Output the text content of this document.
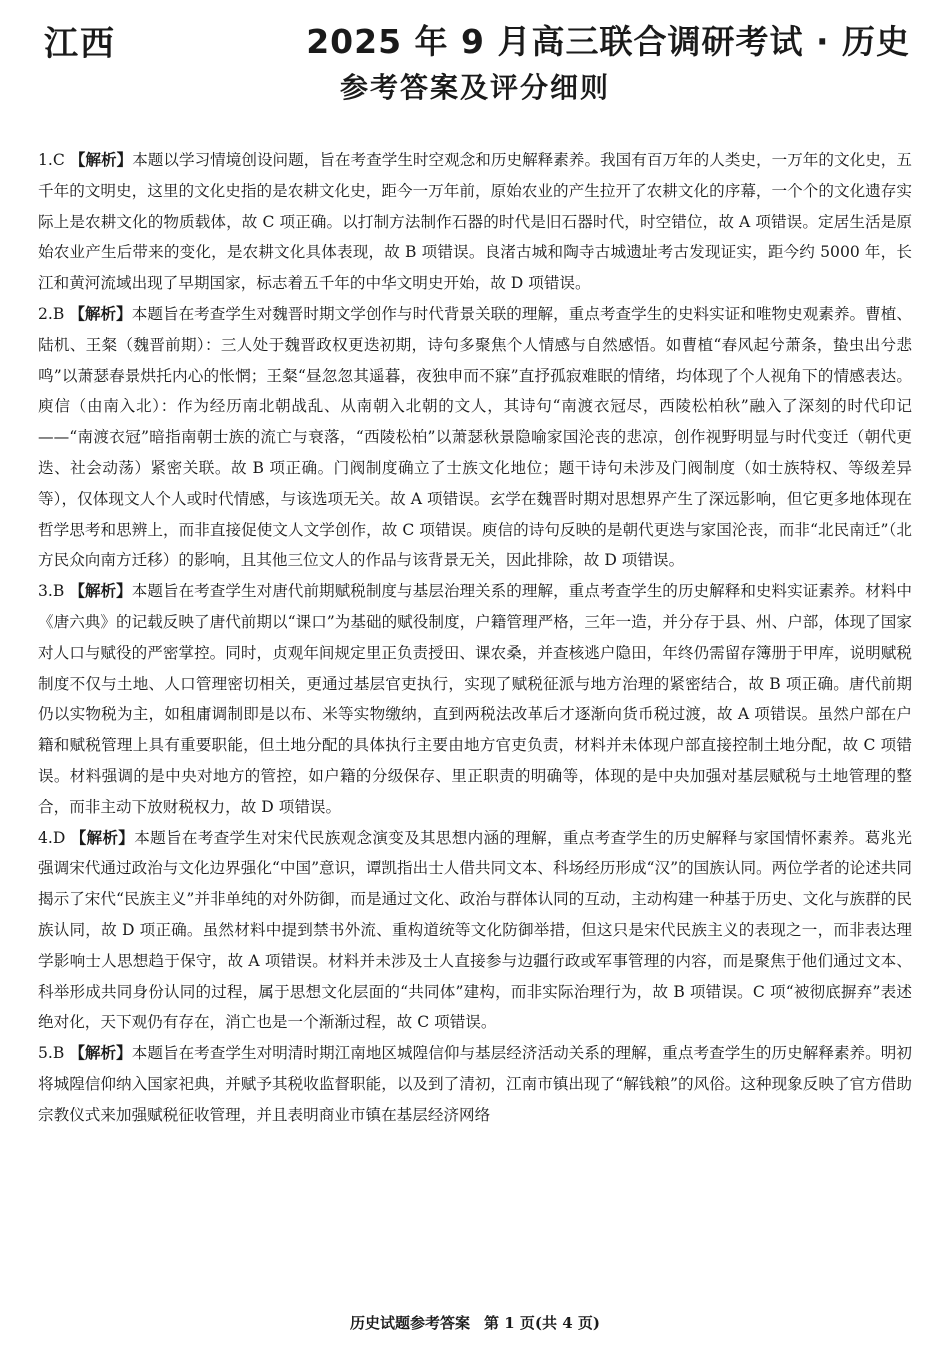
江西	2025 年 9 月高三联合调研考试 · 历史
参考答案及评分细则

1.C 【解析】本题以学习情境创设问题，旨在考查学生时空观念和历史解释素养。我国有百万年的人类史，一万年的文化史，五千年的文明史，这里的文化史指的是农耕文化史，距今一万年前，原始农业的产生拉开了农耕文化的序幕，一个个的文化遗存实际上是农耕文化的物质载体，故 C 项正确。以打制方法制作石器的时代是旧石器时代，时空错位，故 A 项错误。定居生活是原始农业产生后带来的变化，是农耕文化具体表现，故 B 项错误。良渚古城和陶寺古城遗址考古发现证实，距今约 5000 年，长江和黄河流域出现了早期国家，标志着五千年的中华文明史开始，故 D 项错误。

2.B 【解析】本题旨在考查学生对魏晋时期文学创作与时代背景关联的理解，重点考查学生的史料实证和唯物史观素养。曹植、陆机、王粲（魏晋前期）：三人处于魏晋政权更迭初期，诗句多聚焦个人情感与自然感悟。如曹植“春风起兮萧条，蛰虫出兮悲鸣”以萧瑟春景烘托内心的怅惘；王粲“昼忽忽其遥暮，夜独申而不寐”直抒孤寂难眠的情绪，均体现了个人视角下的情感表达。庾信（由南入北）：作为经历南北朝战乱、从南朝入北朝的文人，其诗句“南渡衣冠尽，西陵松柏秋”融入了深刻的时代印记——“南渡衣冠”暗指南朝士族的流亡与衰落，“西陵松柏”以萧瑟秋景隐喻家国沦丧的悲凉，创作视野明显与时代变迁（朝代更迭、社会动荡）紧密关联。故 B 项正确。门阀制度确立了士族文化地位；题干诗句未涉及门阀制度（如士族特权、等级差异等），仅体现文人个人或时代情感，与该选项无关。故 A 项错误。玄学在魏晋时期对思想界产生了深远影响，但它更多地体现在哲学思考和思辨上，而非直接促使文人文学创作，故 C 项错误。庾信的诗句反映的是朝代更迭与家国沦丧，而非“北民南迁”（北方民众向南方迁移）的影响，且其他三位文人的作品与该背景无关，因此排除，故 D 项错误。

3.B 【解析】本题旨在考查学生对唐代前期赋税制度与基层治理关系的理解，重点考查学生的历史解释和史料实证素养。材料中《唐六典》的记载反映了唐代前期以“课口”为基础的赋役制度，户籍管理严格，三年一造，并分存于县、州、户部，体现了国家对人口与赋役的严密掌控。同时，贞观年间规定里正负责授田、课农桑，并查核逃户隐田，年终仍需留存簿册于甲库，说明赋税制度不仅与土地、人口管理密切相关，更通过基层官吏执行，实现了赋税征派与地方治理的紧密结合，故 B 项正确。唐代前期仍以实物税为主，如租庸调制即是以布、米等实物缴纳，直到两税法改革后才逐渐向货币税过渡，故 A 项错误。虽然户部在户籍和赋税管理上具有重要职能，但土地分配的具体执行主要由地方官吏负责，材料并未体现户部直接控制土地分配，故 C 项错误。材料强调的是中央对地方的管控，如户籍的分级保存、里正职责的明确等，体现的是中央加强对基层赋税与土地管理的整合，而非主动下放财税权力，故 D 项错误。

4.D 【解析】本题旨在考查学生对宋代民族观念演变及其思想内涵的理解，重点考查学生的历史解释与家国情怀素养。葛兆光强调宋代通过政治与文化边界强化“中国”意识，谭凯指出士人借共同文本、科场经历形成“汉”的国族认同。两位学者的论述共同揭示了宋代“民族主义”并非单纯的对外防御，而是通过文化、政治与群体认同的互动，主动构建一种基于历史、文化与族群的民族认同，故 D 项正确。虽然材料中提到禁书外流、重构道统等文化防御举措，但这只是宋代民族主义的表现之一，而非表达理学影响士人思想趋于保守，故 A 项错误。材料并未涉及士人直接参与边疆行政或军事管理的内容，而是聚焦于他们通过文本、科举形成共同身份认同的过程，属于思想文化层面的“共同体”建构，而非实际治理行为，故 B 项错误。C 项“被彻底摒弃”表述绝对化，天下观仍有存在，消亡也是一个渐渐过程，故 C 项错误。

5.B 【解析】本题旨在考查学生对明清时期江南地区城隍信仰与基层经济活动关系的理解，重点考查学生的历史解释素养。明初将城隍信仰纳入国家祀典，并赋予其税收监督职能，以及到了清初，江南市镇出现了“解钱粮”的风俗。这种现象反映了官方借助宗教仪式来加强赋税征收管理，并且表明商业市镇在基层经济网络

历史试题参考答案 第 1 页(共 4 页)
